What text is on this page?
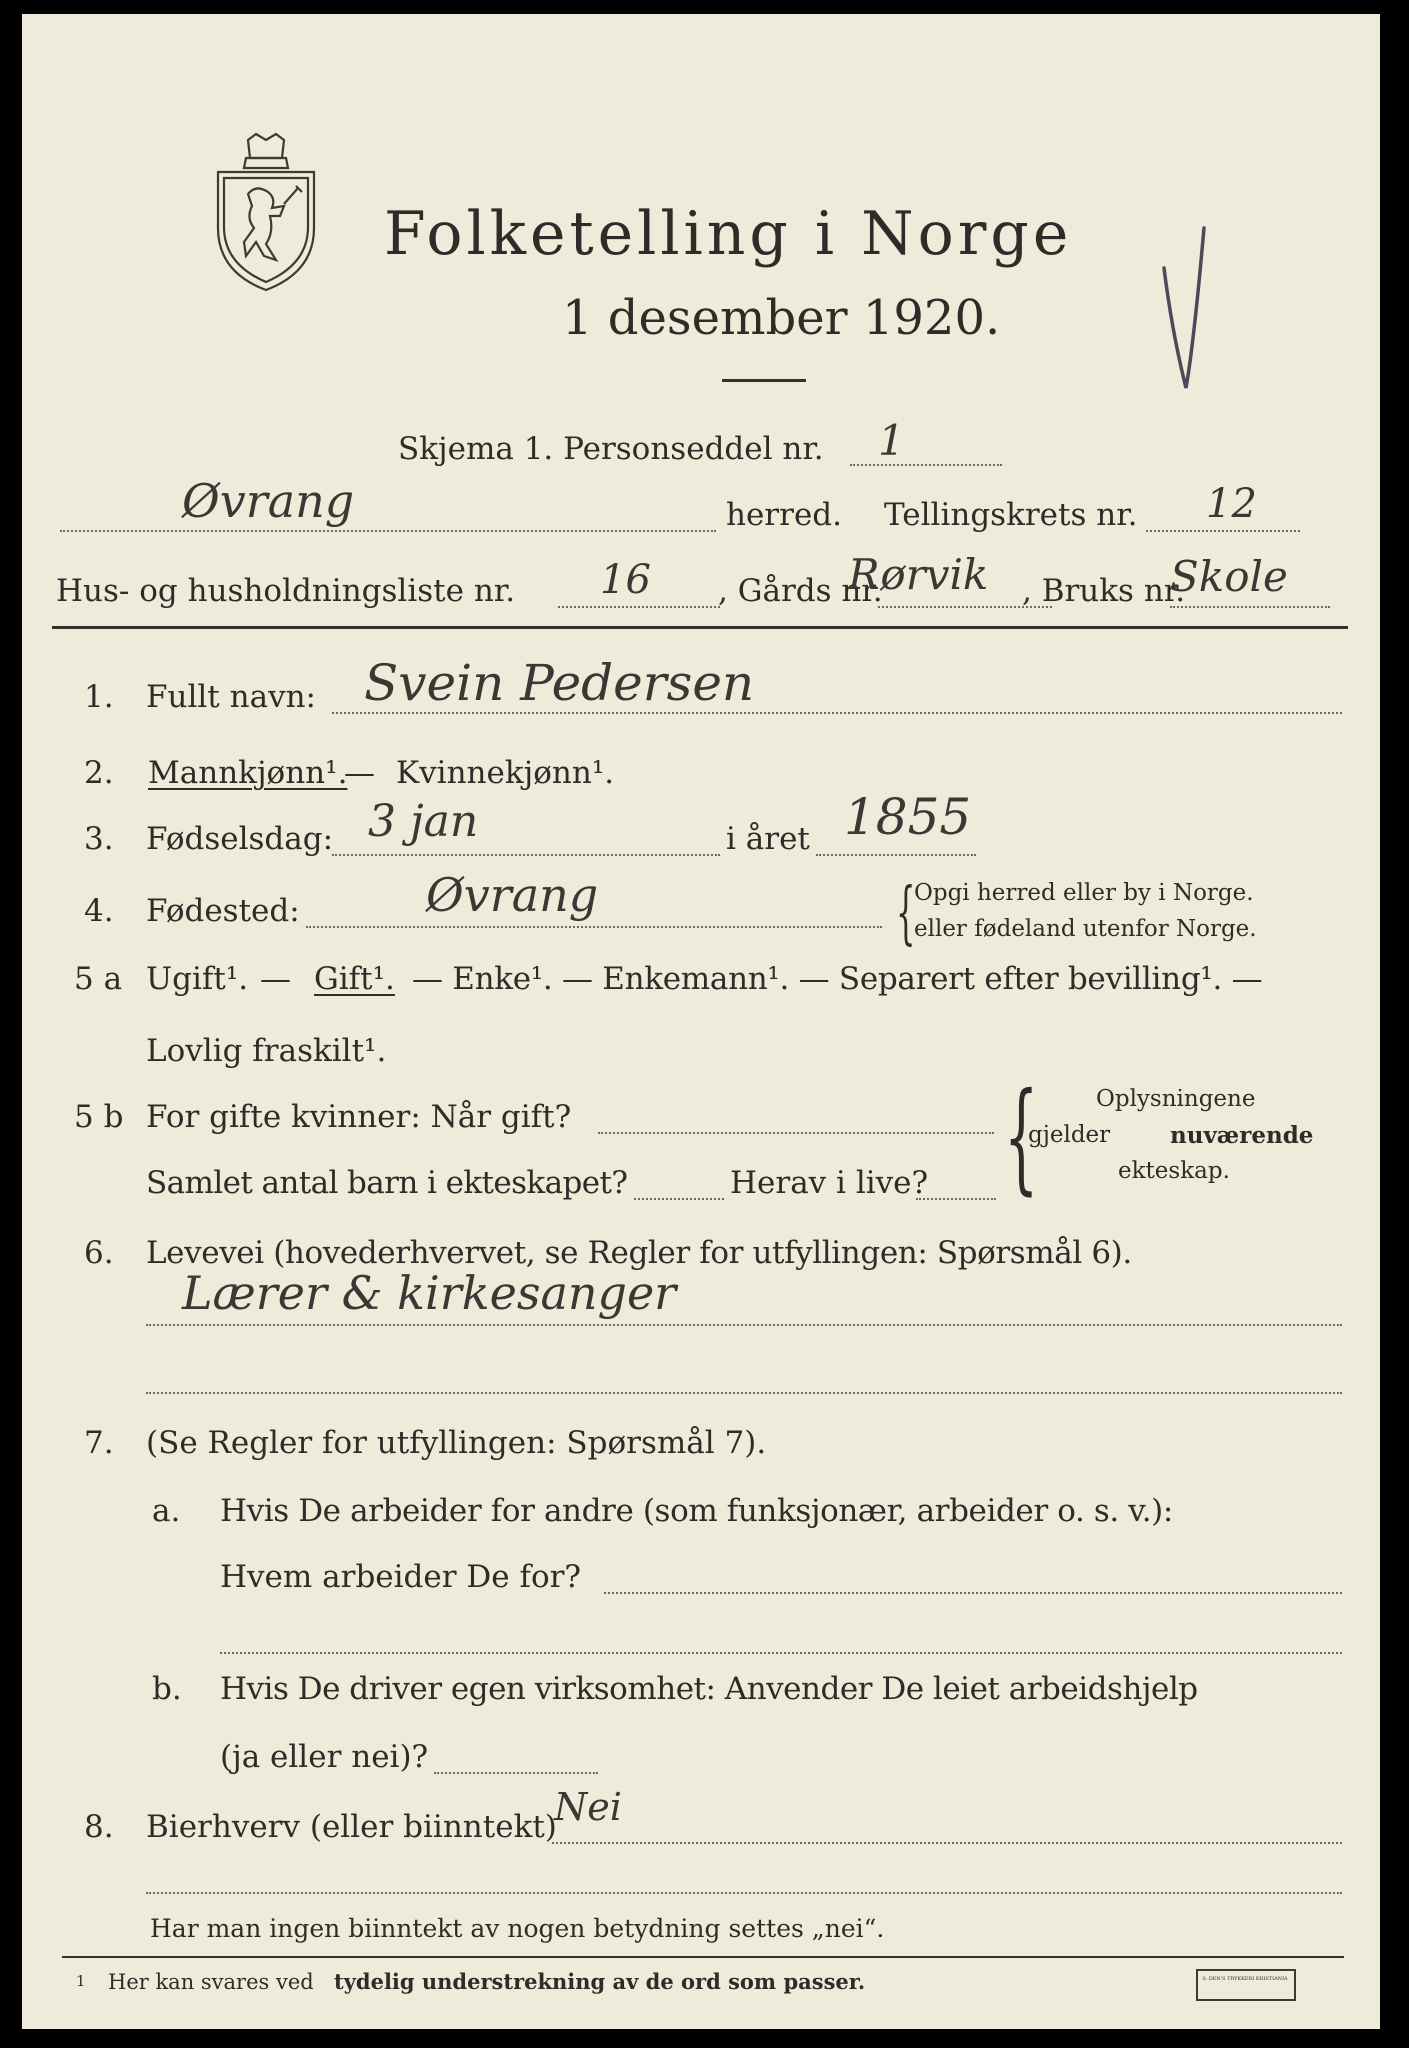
Folketelling i Norge
1 desember 1920.
Skjema 1. Personseddel nr. 1
Øvrang	herred. Tellingskrets nr. 12
Hus- og husholdningsliste nr. 16 , Gårds nr.
Rørvik , Bruks nr.
Skole
1. Fullt navn: Svein Pedersen
2. Mannkjønn¹.
— Kvinnekjønn¹.
3. Fødselsdag: 3 jan	i året 1855
4. Fødested:	Øvrang	{
Opgi herred eller by i Norge.
eller fødeland utenfor Norge.
5 a Ugift¹. — Gift¹. — Enke¹. — Enkemann¹. — Separert efter bevilling¹. —
Lovlig fraskilt¹.
5 b For gifte kvinner: Når gift?
Samlet antal barn i ekteskapet?	Herav i live? {	Oplysningene
gjelder	nuværende
ekteskap.
6. Levevei (hovederhvervet, se Regler for utfyllingen: Spørsmål 6).
Lærer & kirkesanger
7. (Se Regler for utfyllingen: Spørsmål 7).
a. Hvis De arbeider for andre (som funksjonær, arbeider o. s. v.):
Hvem arbeider De for?
b. Hvis De driver egen virksomhet: Anvender De leiet arbeidshjelp
(ja eller nei)?
8. Bierhverv (eller biinntekt)
Nei
Har man ingen biinntekt av nogen betydning settes „nei“.
1 Her kan svares ved tydelig understrekning av de ord som passer.	S. DEN'S TRYKKERI KRISTIANIA
